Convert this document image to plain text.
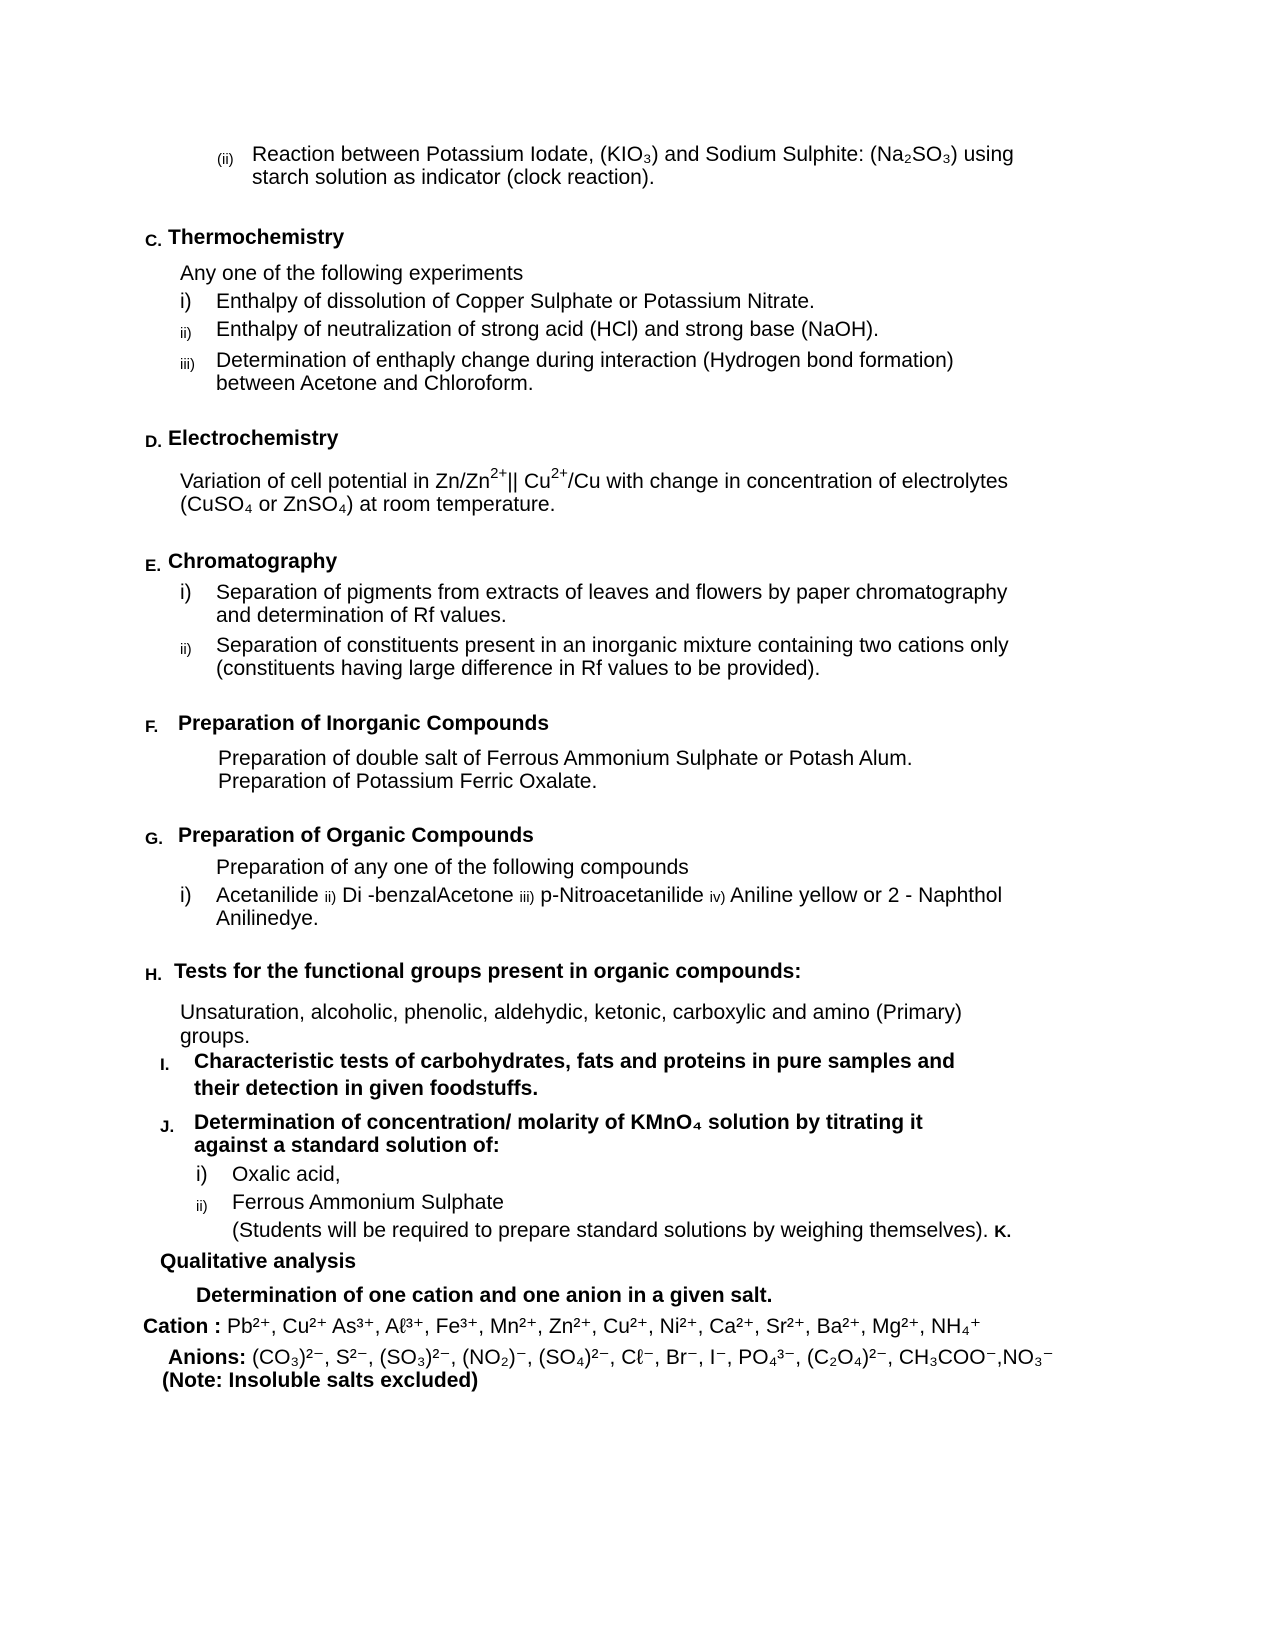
(ii) Reaction between Potassium Iodate, (KIO₃) and Sodium Sulphite: (Na₂SO₃) using
starch solution as indicator (clock reaction).
C. Thermochemistry
Any one of the following experiments
i) Enthalpy of dissolution of Copper Sulphate or Potassium Nitrate.
ii) Enthalpy of neutralization of strong acid (HCl) and strong base (NaOH).
iii) Determination of enthaply change during interaction (Hydrogen bond formation)
between Acetone and Chloroform.
D. Electrochemistry
Variation of cell potential in $Zn/Zn^{2+}||$ $Cu^{2+}/Cu$ with change in concentration of electrolytes
(CuSO₄ or ZnSO₄) at room temperature.
E. Chromatography
i) Separation of pigments from extracts of leaves and flowers by paper chromatography
and determination of Rf values.
ii) Separation of constituents present in an inorganic mixture containing two cations only
(constituents having large difference in Rf values to be provided).
F. Preparation of Inorganic Compounds
Preparation of double salt of Ferrous Ammonium Sulphate or Potash Alum.
Preparation of Potassium Ferric Oxalate.
G. Preparation of Organic Compounds
Preparation of any one of the following compounds
i) Acetanilide ii) Di -benzalAcetone iii) p-Nitroacetanilide iv) Aniline yellow or 2 - Naphthol
Anilinedye.
H. Tests for the functional groups present in organic compounds:
Unsaturation, alcoholic, phenolic, aldehydic, ketonic, carboxylic and amino (Primary)
groups.
I. Characteristic tests of carbohydrates, fats and proteins in pure samples and
their detection in given foodstuffs.
J. Determination of concentration/ molarity of KMnO₄ solution by titrating it
against a standard solution of:
i) Oxalic acid,
ii) Ferrous Ammonium Sulphate
(Students will be required to prepare standard solutions by weighing themselves). K.
Qualitative analysis
Determination of one cation and one anion in a given salt.
Cation : Pb²⁺, Cu²⁺ As³⁺, Aℓ³⁺, Fe³⁺, Mn²⁺, Zn²⁺, Cu²⁺, Ni²⁺, Ca²⁺, Sr²⁺, Ba²⁺, Mg²⁺, NH₄⁺
Anions: (CO₃)²⁻, S²⁻, (SO₃)²⁻, (NO₂)⁻, (SO₄)²⁻, Cℓ⁻, Br⁻, I⁻, PO₄³⁻, (C₂O₄)²⁻, CH₃COO⁻,NO₃⁻
(Note: Insoluble salts excluded)
